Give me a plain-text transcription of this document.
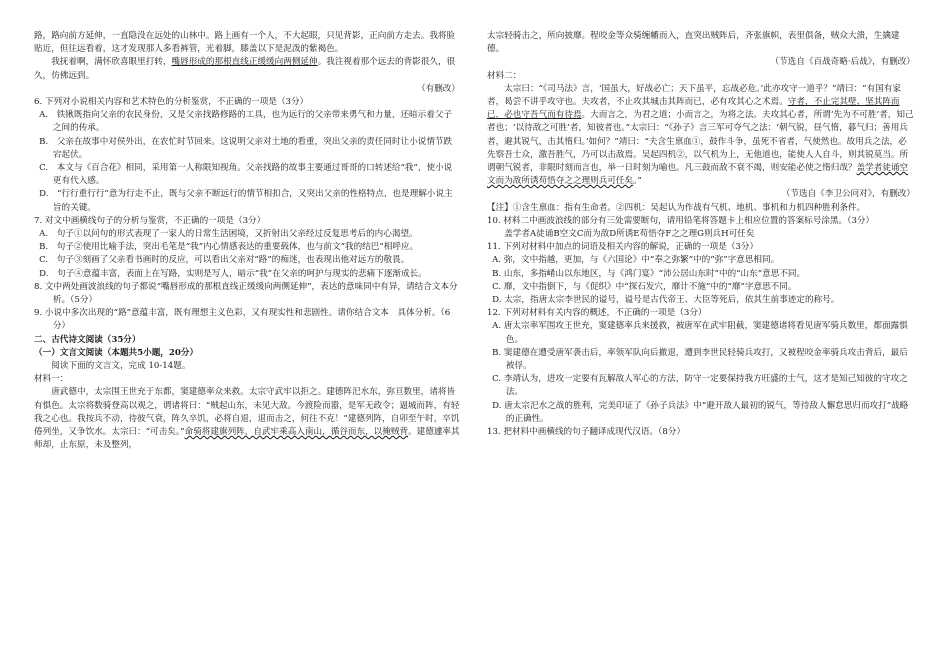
路，路向前方延伸，一直隐没在远处的山林中。路上画有一个人，不大起眼，只见背影，正向前方走去。我将脸贴近，但往远看着，这才发现那人多看裤管，光着脚，膝盖以下是泥泼的紫褐色。

我抚着啊，满怀欣喜眼里打转，嘴唇形成的那根直线正缓缓向两侧延伸。我注视着那个远去的背影很久，很久，仿佛远到。

（有删改）

6. 下列对小说相关内容和艺术特色的分析鉴赏，不正确的一项是（3分）

A.　铁锹既指向父亲的农民身份，又是父亲找路修路的工具，也为远行的父亲带来勇气和力量，还暗示着父子之间的传承。

B.　父亲在故事中对侯外出，在农忙时节回来。这说明父亲对土地的看重，突出父亲的责任同时让小说情节跌宕起伏。

C.　本文与《百合花》相同，采用第一人称限知视角。父亲找路的故事主要通过哥哥的口转述给“我”，使小说更有代入感。

D.　“行行重行行”意为行走不止，既与父亲不断远行的情节相扣合，又突出父亲的性格特点，也是理解小说主旨的关键。

7. 对文中画横线句子的分析与鉴赏，不正确的一项是（3分）

A.　句子①以问句的形式表现了一家人的日常生活困境，又折射出父亲经过反复思考后的内心渴望。

B.　句子②使用比喻手法，突出毛笔是“我”内心情感表达的重要载体，也与前文“我的结巴”相呼应。

C.　句子③刻画了父亲看书画时的反应，可以看出父亲对“路”的痴迷，也表现出他对远方的敬畏。

D.　句子④意蕴丰富，表面上在写路，实则是写人，暗示“我”在父亲的呵护与现实的悲痛下逐渐成长。

8. 文中两处画波浪线的句子都说“嘴唇形成的那根直线正缓缓向两侧延伸”，表达的意味同中有异，请结合文本分析。（5分）

9. 小说中多次出现的“路”意蕴丰富，既有理想主义色彩，又有现实性和悲剧性。请你结合文本　具体分析。（6分）

二、古代诗文阅读（35分）

（一）文言文阅读（本题共5小题，20分）

阅读下面的文言文，完成 10-14题。

材料一：

唐武德中，太宗围王世充于东都，窦建德率众来救。太宗守武牢以拒之。建德阵汜水东，弥亘数里，诸将皆有惧色。太宗将数骑登高以观之，谓诸将曰：“贼起山东，未见大敌。今渡险而嚣，是军无政令；逼城而阵，有轻我之心也。我按兵不动，待彼气衰，阵久卒饥，必将自退，退而击之，何往不克！”建德列阵，自卯至午时，卒饥倦列坐，又争饮水。太宗曰：“可击矣。”命骑将建旗列阵，自武牢乘高入南山，循谷而东，以掩贼背。建德遽率其师却，止东原，未及整列，

太宗轻骑击之，所向披靡。程咬金等众骑缠幡而入，直突出贼阵后，齐张旗帜，表里俱备，贼众大溃，生擒建德。

（节选自《百战奇略·后战》，有删改）

材料二：

太宗曰：“《司马法》言，‘国虽大，好战必亡；天下虽平，忘战必危。’此亦攻守一道乎？”靖曰：“有国有家者，曷尝不讲乎攻守也。夫攻者，不止攻其城击其阵而已，必有攻其心之术焉。守者，不止完其壁、坚其阵而已，必也守吾气而有待焉。大而言之，为君之道；小而言之，为将之法。夫攻其心者，所谓‘先为不可胜’者，知己者也；‘以待敌之可胜’者，知彼者也。”太宗曰：“《孙子》言三军可夺气之法：‘朝气锐，昼气惰，暮气归；善用兵者，避其锐气，击其惰归。’如何？”靖曰：“夫含生禀血①，鼓作斗争，虽死不省者，气使然也。故用兵之法，必先察吾士众，激吾胜气，乃可以击敌焉。吴起四机②，以气机为上，无他道也，能使人人自斗，则其锐莫当。所谓朝气锐者，非限时刻而言也，举一日时刻为喻也。凡三鼓而敌不衰不竭，则安能必使之惰归哉？盖学者徒诵空文而为敌所诱苟悟夺之之理则兵可任矣。”

（节选自《李卫公问对》，有删改）

【注】①含生禀血：指有生命者。②四机：吴起认为作战有气机、地机、事机和力机四种胜利条件。

10. 材料二中画波浪线的部分有三处需要断句，请用铅笔将答题卡上相应位置的答案标号涂黑。（3分）

盖学者A徒诵B空文C而为敌D所诱E苟悟夺F之之理G则兵H可任矣

11. 下列对材料中加点的词语及相关内容的解说，正确的一项是（3分）

A. 弥，文中指越，更加，与《六国论》中“奉之弥繁”中的“弥”字意思相同。

B. 山东，多指崤山以东地区，与《鸿门宴》“沛公居山东时”中的“山东”意思不同。

C. 靡，文中指倒下，与《促织》中“探石发穴，靡计不施”中的“靡”字意思不同。

D. 太宗，指唐太宗李世民的谥号，谥号是古代帝王、大臣等死后，依其生前事迹定的称号。

12. 下列对材料有关内容的概述，不正确的一项是（3分）

A. 唐太宗率军围攻王世充，窦建德率兵来援救，被唐军在武牢阻截，窦建德诸将看见唐军骑兵数里，都面露惧色。

B. 窦建德在遭受唐军袭击后，率领军队向后撤退，遭到李世民轻骑兵攻打，又被程咬金率骑兵攻击背后，最后被俘。

C. 李靖认为，进攻一定要有瓦解敌人军心的方法，防守一定要保持我方旺盛的士气，这才是知己知彼的守攻之法。

D. 唐太宗汜水之战的胜利，完美印证了《孙子兵法》中“避开敌人最初的锐气，等待敌人懈怠思归而攻打”战略的正确性。

13. 把材料中画横线的句子翻译成现代汉语。（8分）
